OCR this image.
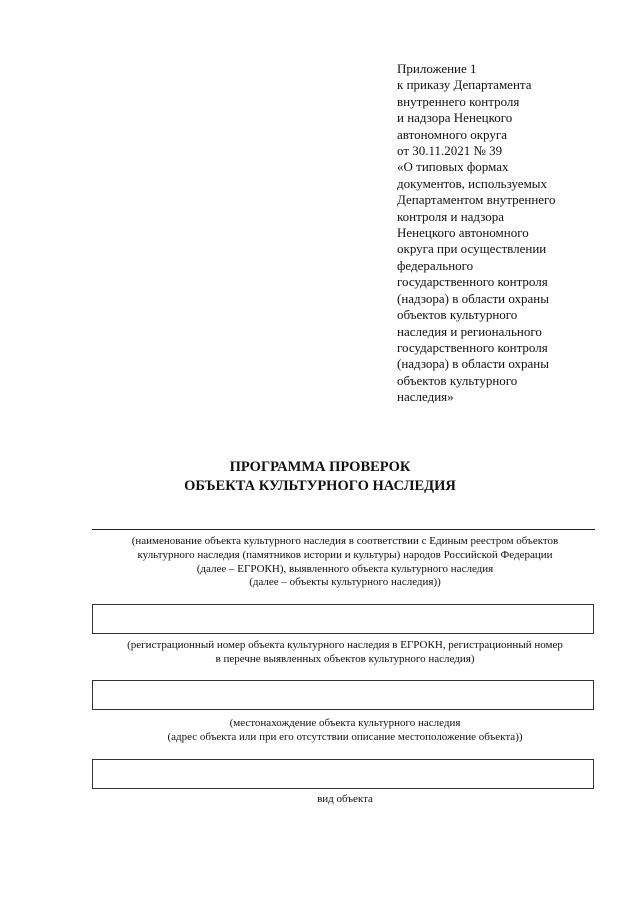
Приложение 1
к приказу Департамента
внутреннего контроля
и надзора Ненецкого
автономного округа
от 30.11.2021 № 39
«О типовых формах
документов, используемых
Департаментом внутреннего
контроля и надзора
Ненецкого автономного
округа при осуществлении
федерального
государственного контроля
(надзора) в области охраны
объектов культурного
наследия и регионального
государственного контроля
(надзора) в области охраны
объектов культурного
наследия»
ПРОГРАММА ПРОВЕРОК
ОБЪЕКТА КУЛЬТУРНОГО НАСЛЕДИЯ
(наименование объекта культурного наследия в соответствии с Единым реестром объектов
культурного наследия (памятников истории и культуры) народов Российской Федерации
(далее – ЕГРОКН), выявленного объекта культурного наследия
(далее – объекты культурного наследия))
(регистрационный номер объекта культурного наследия в ЕГРОКН, регистрационный номер
в перечне выявленных объектов культурного наследия)
(местонахождение объекта культурного наследия
(адрес объекта или при его отсутствии описание местоположение объекта))
вид объекта
